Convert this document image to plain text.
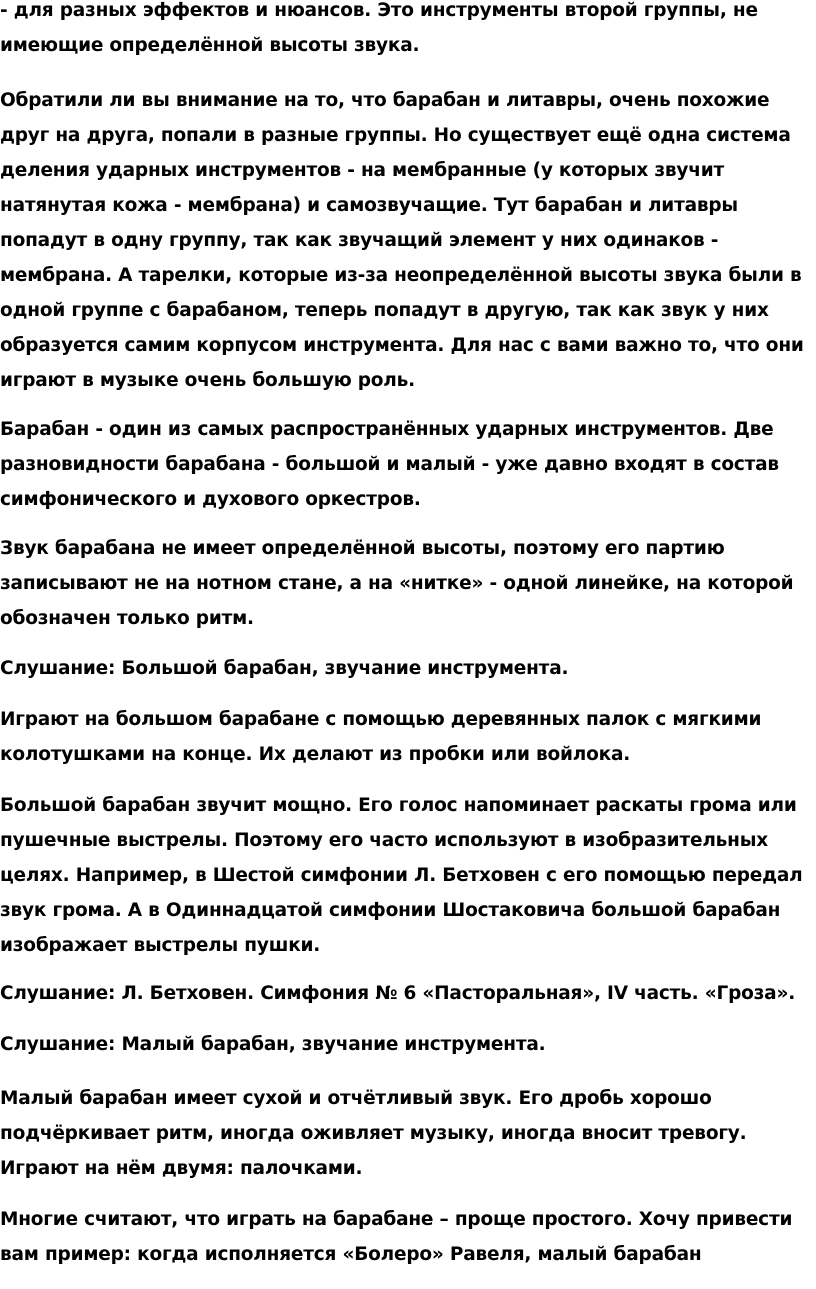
- для разных эффектов и нюансов. Это инструменты второй группы, не
имеющие определённой высоты звука.
Обратили ли вы внимание на то, что барабан и литавры, очень похожие
друг на друга, попали в разные группы. Но существует ещё одна система
деления ударных инструментов - на мембранные (у которых звучит
натянутая кожа - мембрана) и самозвучащие. Тут барабан и литавры
попадут в одну группу, так как звучащий элемент у них одинаков -
мембрана. А тарелки, которые из-за неопределённой высоты звука были в
одной группе с барабаном, теперь попадут в другую, так как звук у них
образуется самим корпусом инструмента. Для нас с вами важно то, что они
играют в музыке очень большую роль.
Барабан - один из самых распространённых ударных инструментов. Две
разновидности барабана - большой и малый - уже давно входят в состав
симфонического и духового оркестров.
Звук барабана не имеет определённой высоты, поэтому его партию
записывают не на нотном стане, а на «нитке» - одной линейке, на которой
обозначен только ритм.
Слушание: Большой барабан, звучание инструмента.
Играют на большом барабане с помощью деревянных палок с мягкими
колотушками на конце. Их делают из пробки или войлока.
Большой барабан звучит мощно. Его голос напоминает раскаты грома или
пушечные выстрелы. Поэтому его часто используют в изобразительных
целях. Например, в Шестой симфонии Л. Бетховен с его помощью передал
звук грома. А в Одиннадцатой симфонии Шостаковича большой барабан
изображает выстрелы пушки.
Слушание: Л. Бетховен. Симфония № 6 «Пасторальная», IV часть. «Гроза».
Слушание: Малый барабан, звучание инструмента.
Малый барабан имеет сухой и отчётливый звук. Его дробь хорошо
подчёркивает ритм, иногда оживляет музыку, иногда вносит тревогу.
Играют на нём двумя: палочками.
Многие считают, что играть на барабане – проще простого. Хочу привести
вам пример: когда исполняется «Болеро» Равеля, малый барабан
